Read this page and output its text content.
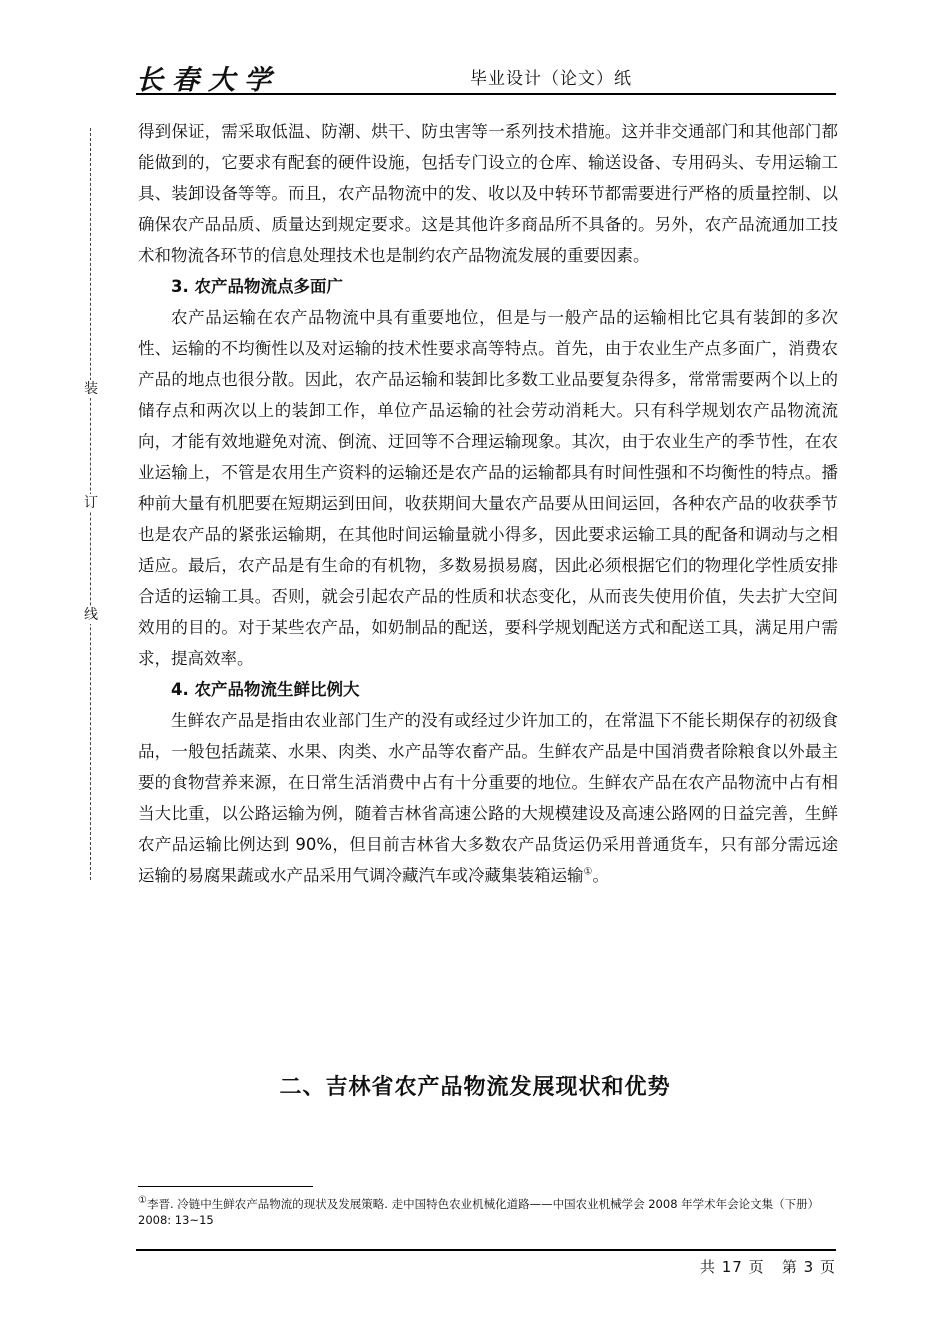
长春大学	毕业设计（论文）纸
装
订
线

得到保证，需采取低温、防潮、烘干、防虫害等一系列技术措施。这并非交通部门和其他部门都能做到的，它要求有配套的硬件设施，包括专门设立的仓库、输送设备、专用码头、专用运输工具、装卸设备等等。而且，农产品物流中的发、收以及中转环节都需要进行严格的质量控制、以确保农产品品质、质量达到规定要求。这是其他许多商品所不具备的。另外，农产品流通加工技术和物流各环节的信息处理技术也是制约农产品物流发展的重要因素。

3. 农产品物流点多面广

农产品运输在农产品物流中具有重要地位，但是与一般产品的运输相比它具有装卸的多次性、运输的不均衡性以及对运输的技术性要求高等特点。首先，由于农业生产点多面广，消费农产品的地点也很分散。因此，农产品运输和装卸比多数工业品要复杂得多，常常需要两个以上的储存点和两次以上的装卸工作，单位产品运输的社会劳动消耗大。只有科学规划农产品物流流向，才能有效地避免对流、倒流、迂回等不合理运输现象。其次，由于农业生产的季节性，在农业运输上，不管是农用生产资料的运输还是农产品的运输都具有时间性强和不均衡性的特点。播种前大量有机肥要在短期运到田间，收获期间大量农产品要从田间运回，各种农产品的收获季节也是农产品的紧张运输期，在其他时间运输量就小得多，因此要求运输工具的配备和调动与之相适应。最后，农产品是有生命的有机物，多数易损易腐，因此必须根据它们的物理化学性质安排合适的运输工具。否则，就会引起农产品的性质和状态变化，从而丧失使用价值，失去扩大空间效用的目的。对于某些农产品，如奶制品的配送，要科学规划配送方式和配送工具，满足用户需求，提高效率。

4. 农产品物流生鲜比例大

生鲜农产品是指由农业部门生产的没有或经过少许加工的，在常温下不能长期保存的初级食品，一般包括蔬菜、水果、肉类、水产品等农畜产品。生鲜农产品是中国消费者除粮食以外最主要的食物营养来源，在日常生活消费中占有十分重要的地位。生鲜农产品在农产品物流中占有相当大比重，以公路运输为例，随着吉林省高速公路的大规模建设及高速公路网的日益完善，生鲜农产品运输比例达到 90%，但目前吉林省大多数农产品货运仍采用普通货车，只有部分需远途运输的易腐果蔬或水产品采用气调冷藏汽车或冷藏集装箱运输①。

二、吉林省农产品物流发展现状和优势
①李晋. 冷链中生鲜农产品物流的现状及发展策略. 走中国特色农业机械化道路——中国农业机械学会 2008 年学术年会论文集（下册）2008: 13~15
共 17 页   第 3 页
